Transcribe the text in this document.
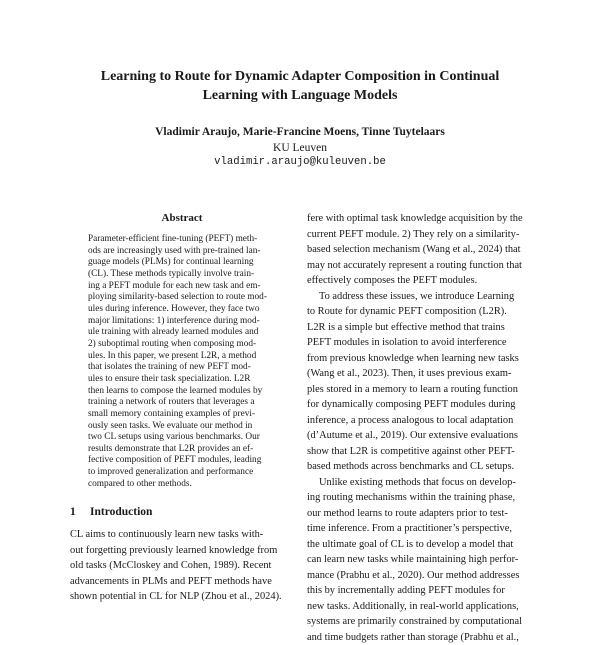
Learning to Route for Dynamic Adapter Composition in Continual
Learning with Language Models
Vladimir Araujo, Marie-Francine Moens, Tinne Tuytelaars
KU Leuven
vladimir.araujo@kuleuven.be
Abstract
Parameter-efficient fine-tuning (PEFT) meth-
ods are increasingly used with pre-trained lan-
guage models (PLMs) for continual learning
(CL). These methods typically involve train-
ing a PEFT module for each new task and em-
ploying similarity-based selection to route mod-
ules during inference. However, they face two
major limitations: 1) interference during mod-
ule training with already learned modules and
2) suboptimal routing when composing mod-
ules. In this paper, we present L2R, a method
that isolates the training of new PEFT mod-
ules to ensure their task specialization. L2R
then learns to compose the learned modules by
training a network of routers that leverages a
small memory containing examples of previ-
ously seen tasks. We evaluate our method in
two CL setups using various benchmarks. Our
results demonstrate that L2R provides an ef-
fective composition of PEFT modules, leading
to improved generalization and performance
compared to other methods.
1 Introduction
CL aims to continuously learn new tasks with-
out forgetting previously learned knowledge from
old tasks (McCloskey and Cohen, 1989). Recent
advancements in PLMs and PEFT methods have
shown potential in CL for NLP (Zhou et al., 2024).
fere with optimal task knowledge acquisition by the
current PEFT module. 2) They rely on a similarity-
based selection mechanism (Wang et al., 2024) that
may not accurately represent a routing function that
effectively composes the PEFT modules.
To address these issues, we introduce Learning
to Route for dynamic PEFT composition (L2R).
L2R is a simple but effective method that trains
PEFT modules in isolation to avoid interference
from previous knowledge when learning new tasks
(Wang et al., 2023). Then, it uses previous exam-
ples stored in a memory to learn a routing function
for dynamically composing PEFT modules during
inference, a process analogous to local adaptation
(d’Autume et al., 2019). Our extensive evaluations
show that L2R is competitive against other PEFT-
based methods across benchmarks and CL setups.
Unlike existing methods that focus on develop-
ing routing mechanisms within the training phase,
our method learns to route adapters prior to test-
time inference. From a practitioner’s perspective,
the ultimate goal of CL is to develop a model that
can learn new tasks while maintaining high perfor-
mance (Prabhu et al., 2020). Our method addresses
this by incrementally adding PEFT modules for
new tasks. Additionally, in real-world applications,
systems are primarily constrained by computational
and time budgets rather than storage (Prabhu et al.,
